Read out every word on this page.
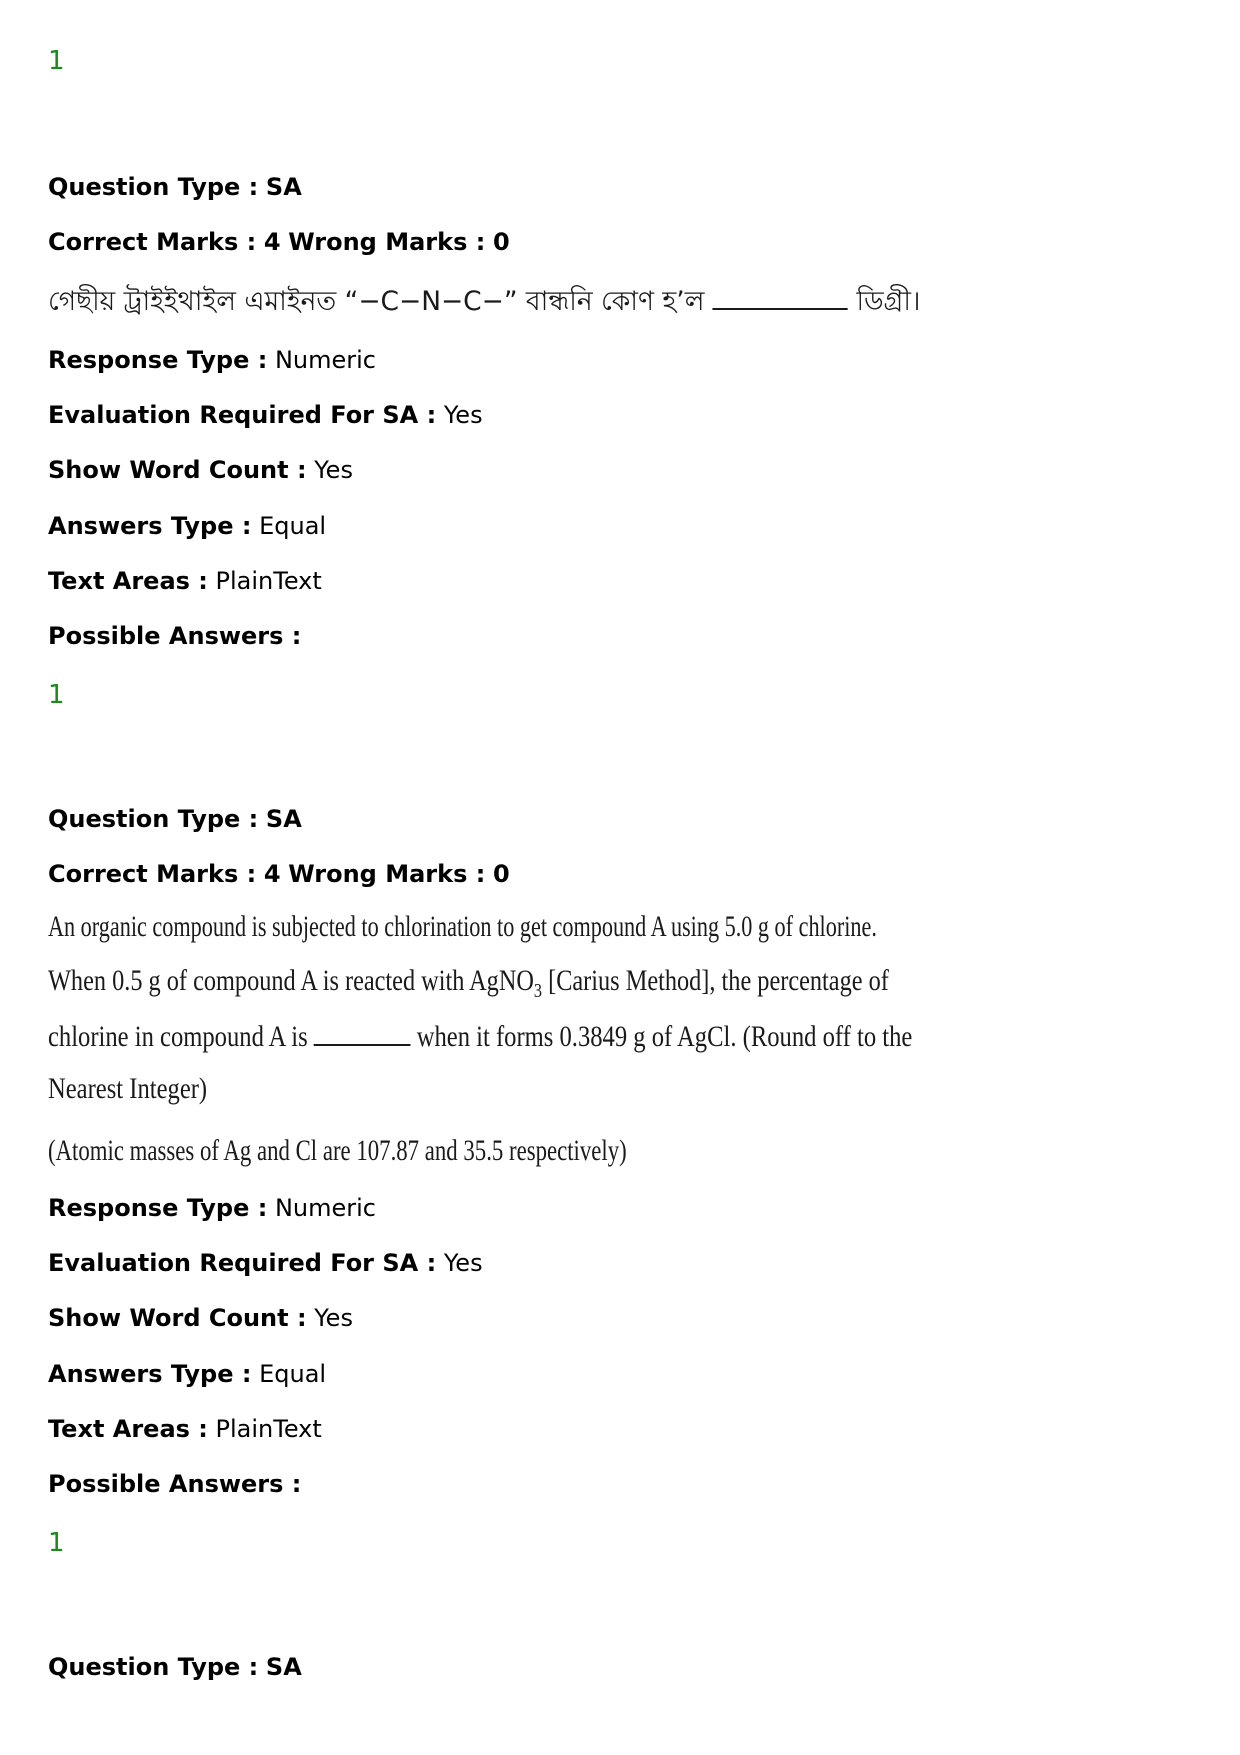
1
Question Type : SA
Correct Marks : 4 Wrong Marks : 0
গেছীয় ট্ৰাইইথাইল এমাইনত “−C−N−C−” বান্ধনি কোণ হ’ল	ডিগ্ৰী।
Response Type : Numeric
Evaluation Required For SA : Yes
Show Word Count : Yes
Answers Type : Equal
Text Areas : PlainText
Possible Answers :
1
Question Type : SA
Correct Marks : 4 Wrong Marks : 0
An organic compound is subjected to chlorination to get compound A using 5.0 g of chlorine.
When 0.5 g of compound A is reacted with AgNO$_3$ [Carius Method], the percentage of
chlorine in compound A is	when it forms 0.3849 g of AgCl. (Round off to the
Nearest Integer)
(Atomic masses of Ag and Cl are 107.87 and 35.5 respectively)
Response Type : Numeric
Evaluation Required For SA : Yes
Show Word Count : Yes
Answers Type : Equal
Text Areas : PlainText
Possible Answers :
1
Question Type : SA
